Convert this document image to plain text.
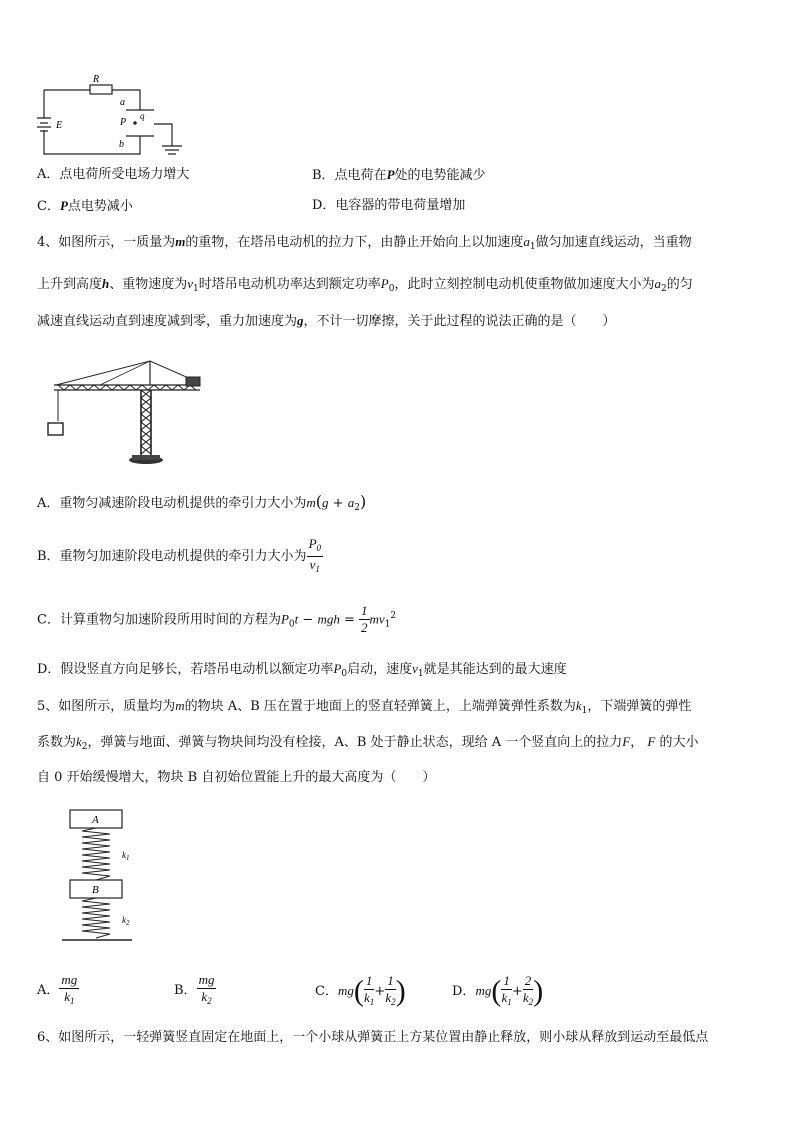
R
E
a
P
q
b
A．点电荷所受电场力增大	B．点电荷在P处的电势能减少
C．P点电势减小	D．电容器的带电荷量增加
4、如图所示，一质量为m的重物，在塔吊电动机的拉力下，由静止开始向上以加速度$a_1$做匀加速直线运动，当重物
上升到高度h、重物速度为$v_1$时塔吊电动机功率达到额定功率$P_0$，此时立刻控制电动机使重物做加速度大小为$a_2$的匀
减速直线运动直到速度减到零，重力加速度为g，不计一切摩擦，关于此过程的说法正确的是（　　）
A．重物匀减速阶段电动机提供的牵引力大小为$m(g + a_2)$
B．重物匀加速阶段电动机提供的牵引力大小为 $\frac{P_0}{v_1}$
C．计算重物匀加速阶段所用时间的方程为$P_0t$ − mgh = $\frac{1}{2} mv_1^2$
D．假设竖直方向足够长，若塔吊电动机以额定功率$P_0$启动，速度$v_1$就是其能达到的最大速度
5、如图所示，质量均为m的物块 A、B 压在置于地面上的竖直轻弹簧上，上端弹簧弹性系数为$k_1$，下端弹簧的弹性
系数为$k_2$，弹簧与地面、弹簧与物块间均没有栓接，A、B 处于静止状态，现给 A 一个竖直向上的拉力F， F 的大小
自 0 开始缓慢增大，物块 B 自初始位置能上升的最大高度为（　　）
A
$k_1$
B
$k_2$
A． $\frac{mg}{k_1}$	B． $\frac{mg}{k_2}$	C．$mg( \frac{1}{k_1} + \frac{1}{k_2}$ )	D．$mg( \frac{1}{k_1} + \frac{2}{k_2}$ )
6、如图所示，一轻弹簧竖直固定在地面上，一个小球从弹簧正上方某位置由静止释放，则小球从释放到运动至最低点
